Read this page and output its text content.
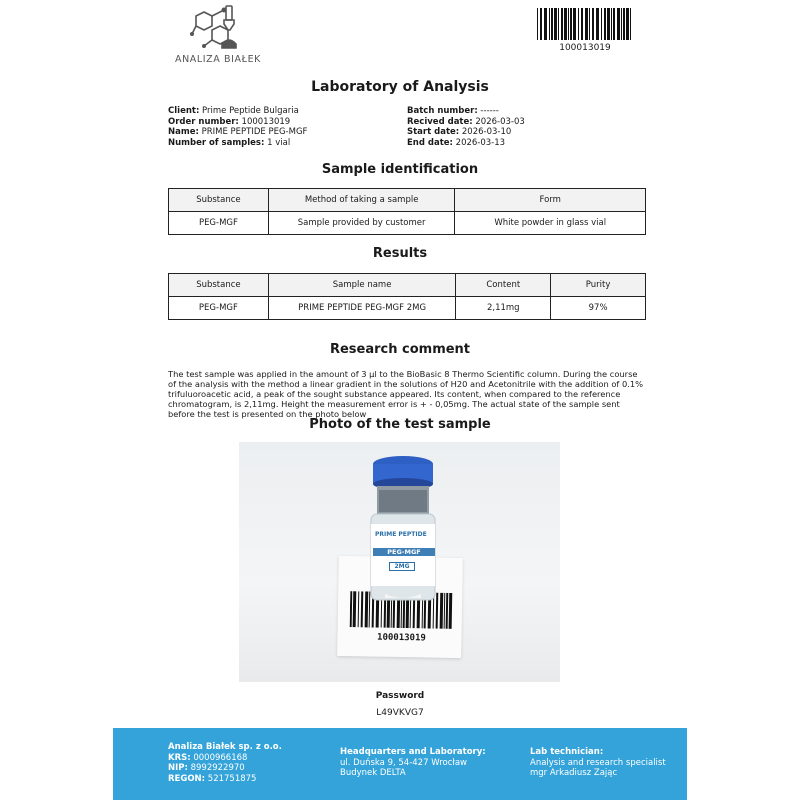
ANALIZA BIAŁEK
100013019
Laboratory of Analysis
Client: Prime Peptide Bulgaria
Order number: 100013019
Name: PRIME PEPTIDE PEG-MGF
Number of samples: 1 vial
Batch number: ------
Recived date: 2026-03-03
Start date: 2026-03-10
End date: 2026-03-13
Sample identification
Substance	Method of taking a sample	Form
PEG-MGF	Sample provided by customer	White powder in glass vial
Results
Substance	Sample name	Content	Purity
PEG-MGF	PRIME PEPTIDE PEG-MGF 2MG	2,11mg	97%
Research comment
The test sample was applied in the amount of 3 µl to the BioBasic 8 Thermo Scientific column. During the course of the analysis with the method a linear gradient in the solutions of H20 and Acetonitrile with the addition of 0.1% trifuluoroacetic acid, a peak of the sought substance appeared. Its content, when compared to the reference chromatogram, is 2,11mg. Height the measurement error is + - 0,05mg. The actual state of the sample sent before the test is presented on the photo below
Photo of the test sample
100013019
PRIME PEPTIDE
PEG-MGF
2MG
Password
L49VKVG7
Analiza Białek sp. z o.o.
KRS: 0000966168
NIP: 8992922970
REGON: 521751875
Headquarters and Laboratory:
ul. Duńska 9, 54-427 Wrocław
Budynek DELTA
Lab technician:
Analysis and research specialist
mgr Arkadiusz Zając
